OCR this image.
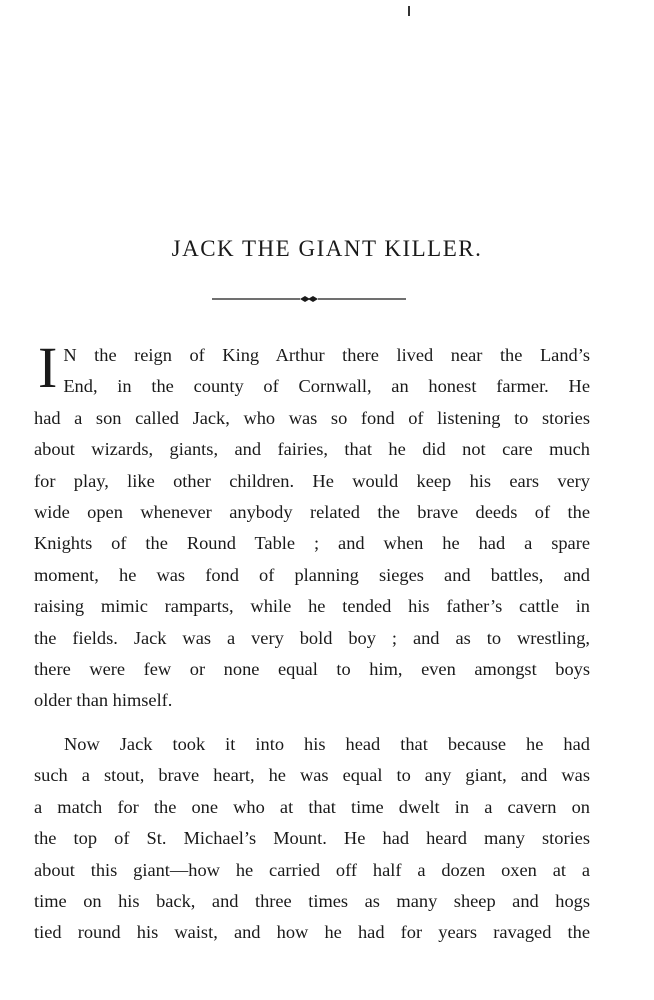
JACK THE GIANT KILLER.
I N the reign of King Arthur there lived near the Land’s
End, in the county of Cornwall, an honest farmer. He
had a son called Jack, who was so fond of listening to stories
about wizards, giants, and fairies, that he did not care much
for play, like other children. He would keep his ears very
wide open whenever anybody related the brave deeds of the
Knights of the Round Table ; and when he had a spare
moment, he was fond of planning sieges and battles, and
raising mimic ramparts, while he tended his father’s cattle in
the fields. Jack was a very bold boy ; and as to wrestling,
there were few or none equal to him, even amongst boys
older than himself.
Now Jack took it into his head that because he had
such a stout, brave heart, he was equal to any giant, and was
a match for the one who at that time dwelt in a cavern on
the top of St. Michael’s Mount. He had heard many stories
about this giant—how he carried off half a dozen oxen at a
time on his back, and three times as many sheep and hogs
tied round his waist, and how he had for years ravaged the
